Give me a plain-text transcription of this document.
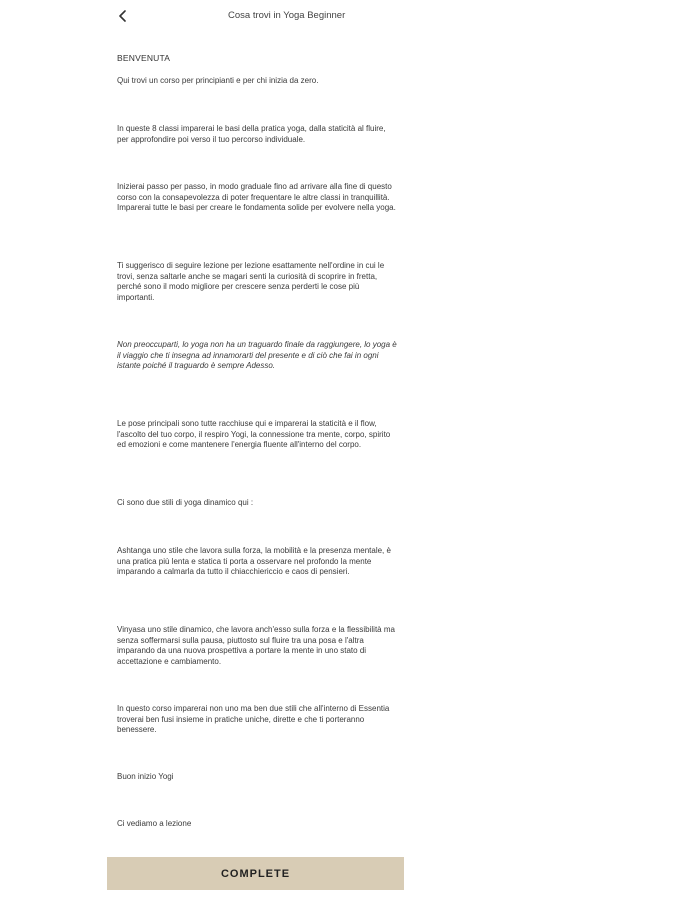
Cosa trovi in Yoga Beginner

BENVENUTA

Qui trovi un corso per principianti e per chi inizia da zero.

In queste 8 classi imparerai le basi della pratica yoga, dalla staticità al fluire, per approfondire poi verso il tuo percorso individuale.

Inizierai passo per passo, in modo graduale fino ad arrivare alla fine di questo corso con la consapevolezza di poter frequentare le altre classi in tranquillità. Imparerai tutte le basi per creare le fondamenta solide per evolvere nella yoga.

Ti suggerisco di seguire lezione per lezione esattamente nell'ordine in cui le trovi, senza saltarle anche se magari senti la curiosità di scoprire in fretta, perché sono il modo migliore per crescere senza perderti le cose più importanti.

Non preoccuparti, lo yoga non ha un traguardo finale da raggiungere, lo yoga è il viaggio che ti insegna ad innamorarti del presente e di ciò che fai in ogni istante poiché il traguardo è sempre Adesso.

Le pose principali sono tutte racchiuse qui e imparerai la staticità e il flow, l'ascolto del tuo corpo, il respiro Yogi, la connessione tra mente, corpo, spirito ed emozioni e come mantenere l'energia fluente all'interno del corpo.

Ci sono due stili di yoga dinamico qui :

Ashtanga uno stile che lavora sulla forza, la mobilità e la presenza mentale, è una pratica più lenta e statica ti porta a osservare nel profondo la mente imparando a calmarla da tutto il chiacchiericcio e caos di pensieri.

Vinyasa uno stile dinamico, che lavora anch'esso sulla forza e la flessibilità ma senza soffermarsi sulla pausa, piuttosto sul fluire tra una posa e l'altra imparando da una nuova prospettiva a portare la mente in uno stato di accettazione e cambiamento.

In questo corso imparerai non uno ma ben due stili che all'interno di Essentia troverai ben fusi insieme in pratiche uniche, dirette e che ti porteranno benessere.

Buon inizio Yogi

Ci vediamo a lezione

COMPLETE
